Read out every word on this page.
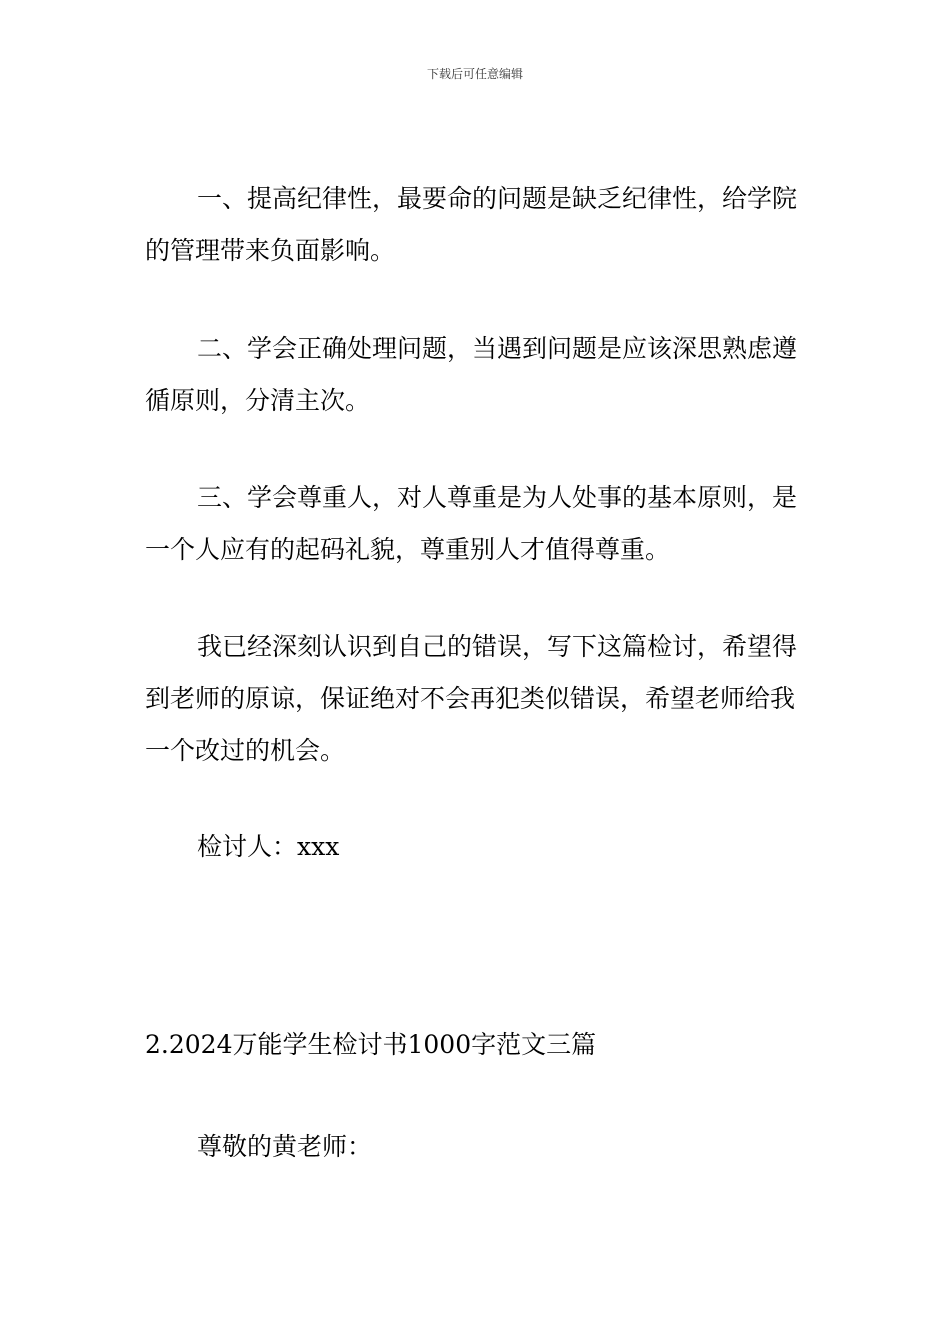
下载后可任意编辑
一、提高纪律性，最要命的问题是缺乏纪律性，给学院的管理带来负面影响。
二、学会正确处理问题，当遇到问题是应该深思熟虑遵循原则，分清主次。
三、学会尊重人，对人尊重是为人处事的基本原则，是一个人应有的起码礼貌，尊重别人才值得尊重。
我已经深刻认识到自己的错误，写下这篇检讨，希望得到老师的原谅，保证绝对不会再犯类似错误，希望老师给我一个改过的机会。
检讨人：xxx
2.2024万能学生检讨书1000字范文三篇
尊敬的黄老师：
